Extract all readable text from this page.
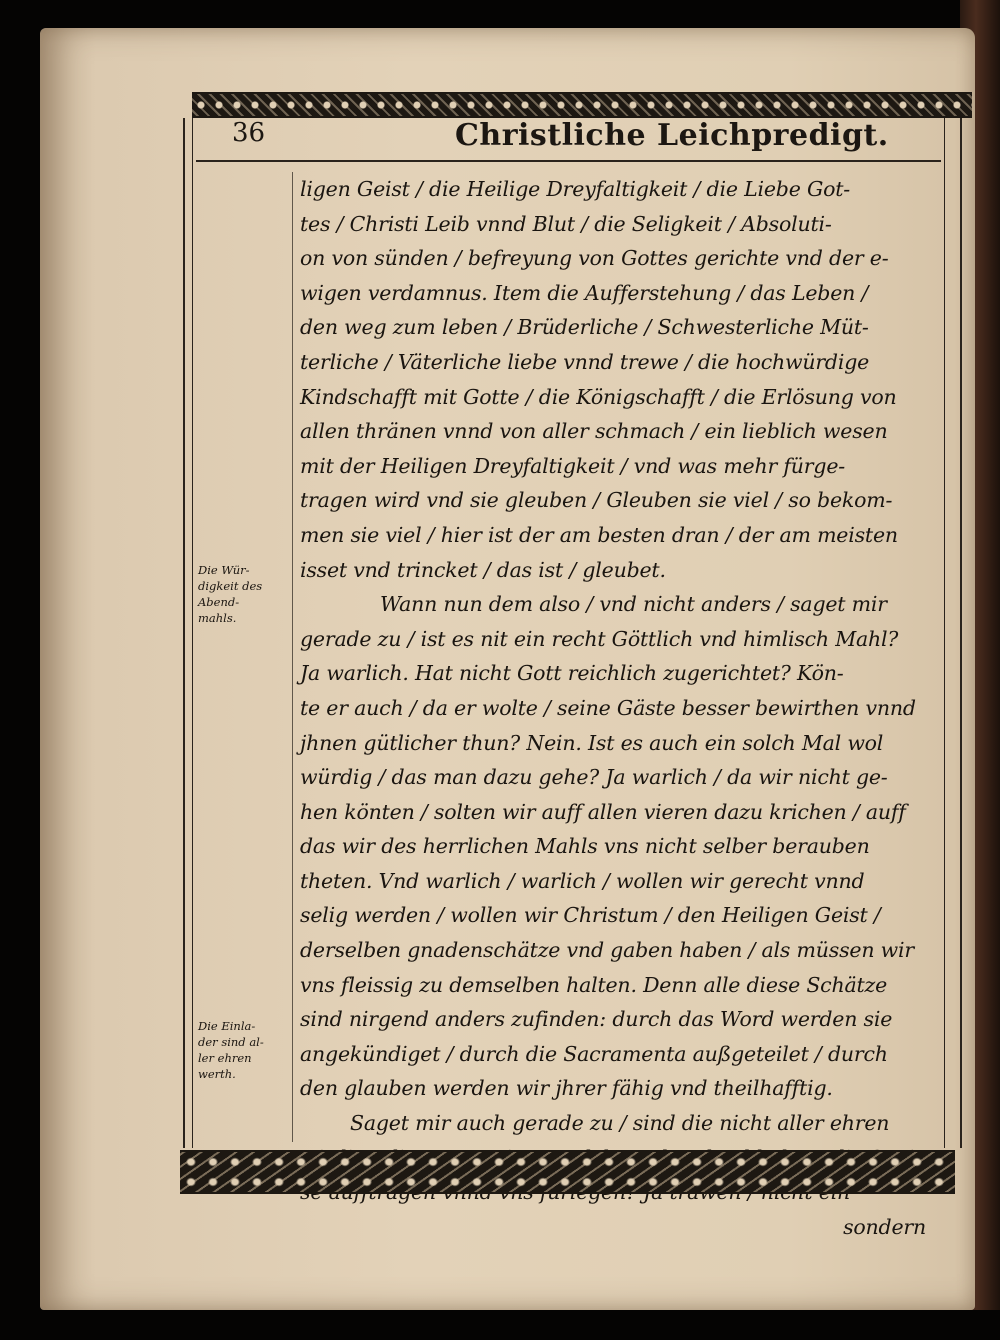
36	Christliche Leichpredigt.
Die Wür-
digkeit des
Abend-
mahls.
Die Einla-
der sind al-
ler ehren
werth.
ligen Geist / die Heilige Dreyfaltigkeit / die Liebe Got-
tes / Christi Leib vnnd Blut / die Seligkeit / Absoluti-
on von sünden / befreyung von Gottes gerichte vnd der e-
wigen verdamnus. Item die Aufferstehung / das Leben /
den weg zum leben / Brüderliche / Schwesterliche Müt-
terliche / Väterliche liebe vnnd trewe / die hochwürdige
Kindschafft mit Gotte / die Königschafft / die Erlösung von
allen thränen vnnd von aller schmach / ein lieblich wesen
mit der Heiligen Dreyfaltigkeit / vnd was mehr fürge-
tragen wird vnd sie gleuben / Gleuben sie viel / so bekom-
men sie viel / hier ist der am besten dran / der am meisten
isset vnd trincket / das ist / gleubet.
Wann nun dem also / vnd nicht anders / saget mir
gerade zu / ist es nit ein recht Göttlich vnd himlisch Mahl?
Ja warlich. Hat nicht Gott reichlich zugerichtet? Kön-
te er auch / da er wolte / seine Gäste besser bewirthen vnnd
jhnen gütlicher thun? Nein. Ist es auch ein solch Mal wol
würdig / das man dazu gehe? Ja warlich / da wir nicht ge-
hen könten / solten wir auff allen vieren dazu krichen / auff
das wir des herrlichen Mahls vns nicht selber berauben
theten. Vnd warlich / warlich / wollen wir gerecht vnnd
selig werden / wollen wir Christum / den Heiligen Geist /
derselben gnadenschätze vnd gaben haben / als müssen wir
vns fleissig zu demselben halten. Denn alle diese Schätze
sind nirgend anders zufinden: durch das Word werden sie
angekündiget / durch die Sacramenta außgeteilet / durch
den glauben werden wir jhrer fähig vnd theilhafftig.
Saget mir auch gerade zu / sind die nicht aller ehren
sondern
